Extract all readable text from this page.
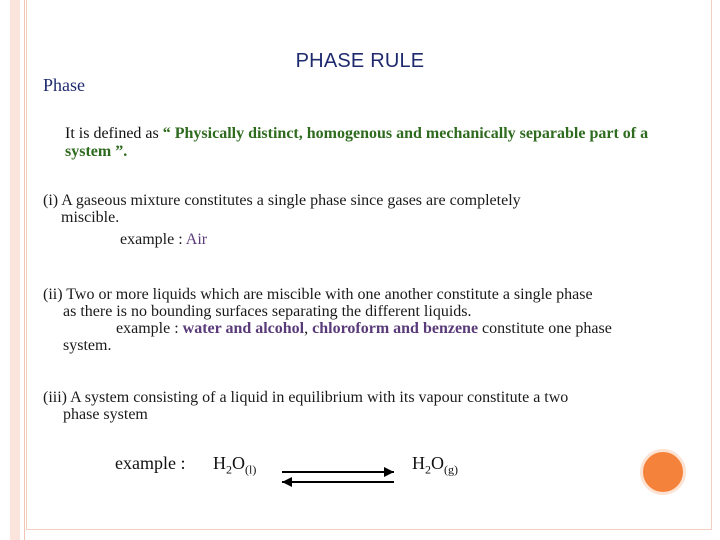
PHASE RULE
Phase
It is defined as “ Physically distinct, homogenous and mechanically separable part of a system ”.
(i) A gaseous mixture constitutes a single phase since gases are completely
miscible.
example : Air
(ii) Two or more liquids which are miscible with one another constitute a single phase
as there is no bounding surfaces separating the different liquids.
example : water and alcohol, chloroform and benzene constitute one phase
system.
(iii) A system consisting of a liquid in equilibrium with its vapour constitute a two
phase system
example : $H_2O_{(l)}$	$H_2O_{(g)}$
